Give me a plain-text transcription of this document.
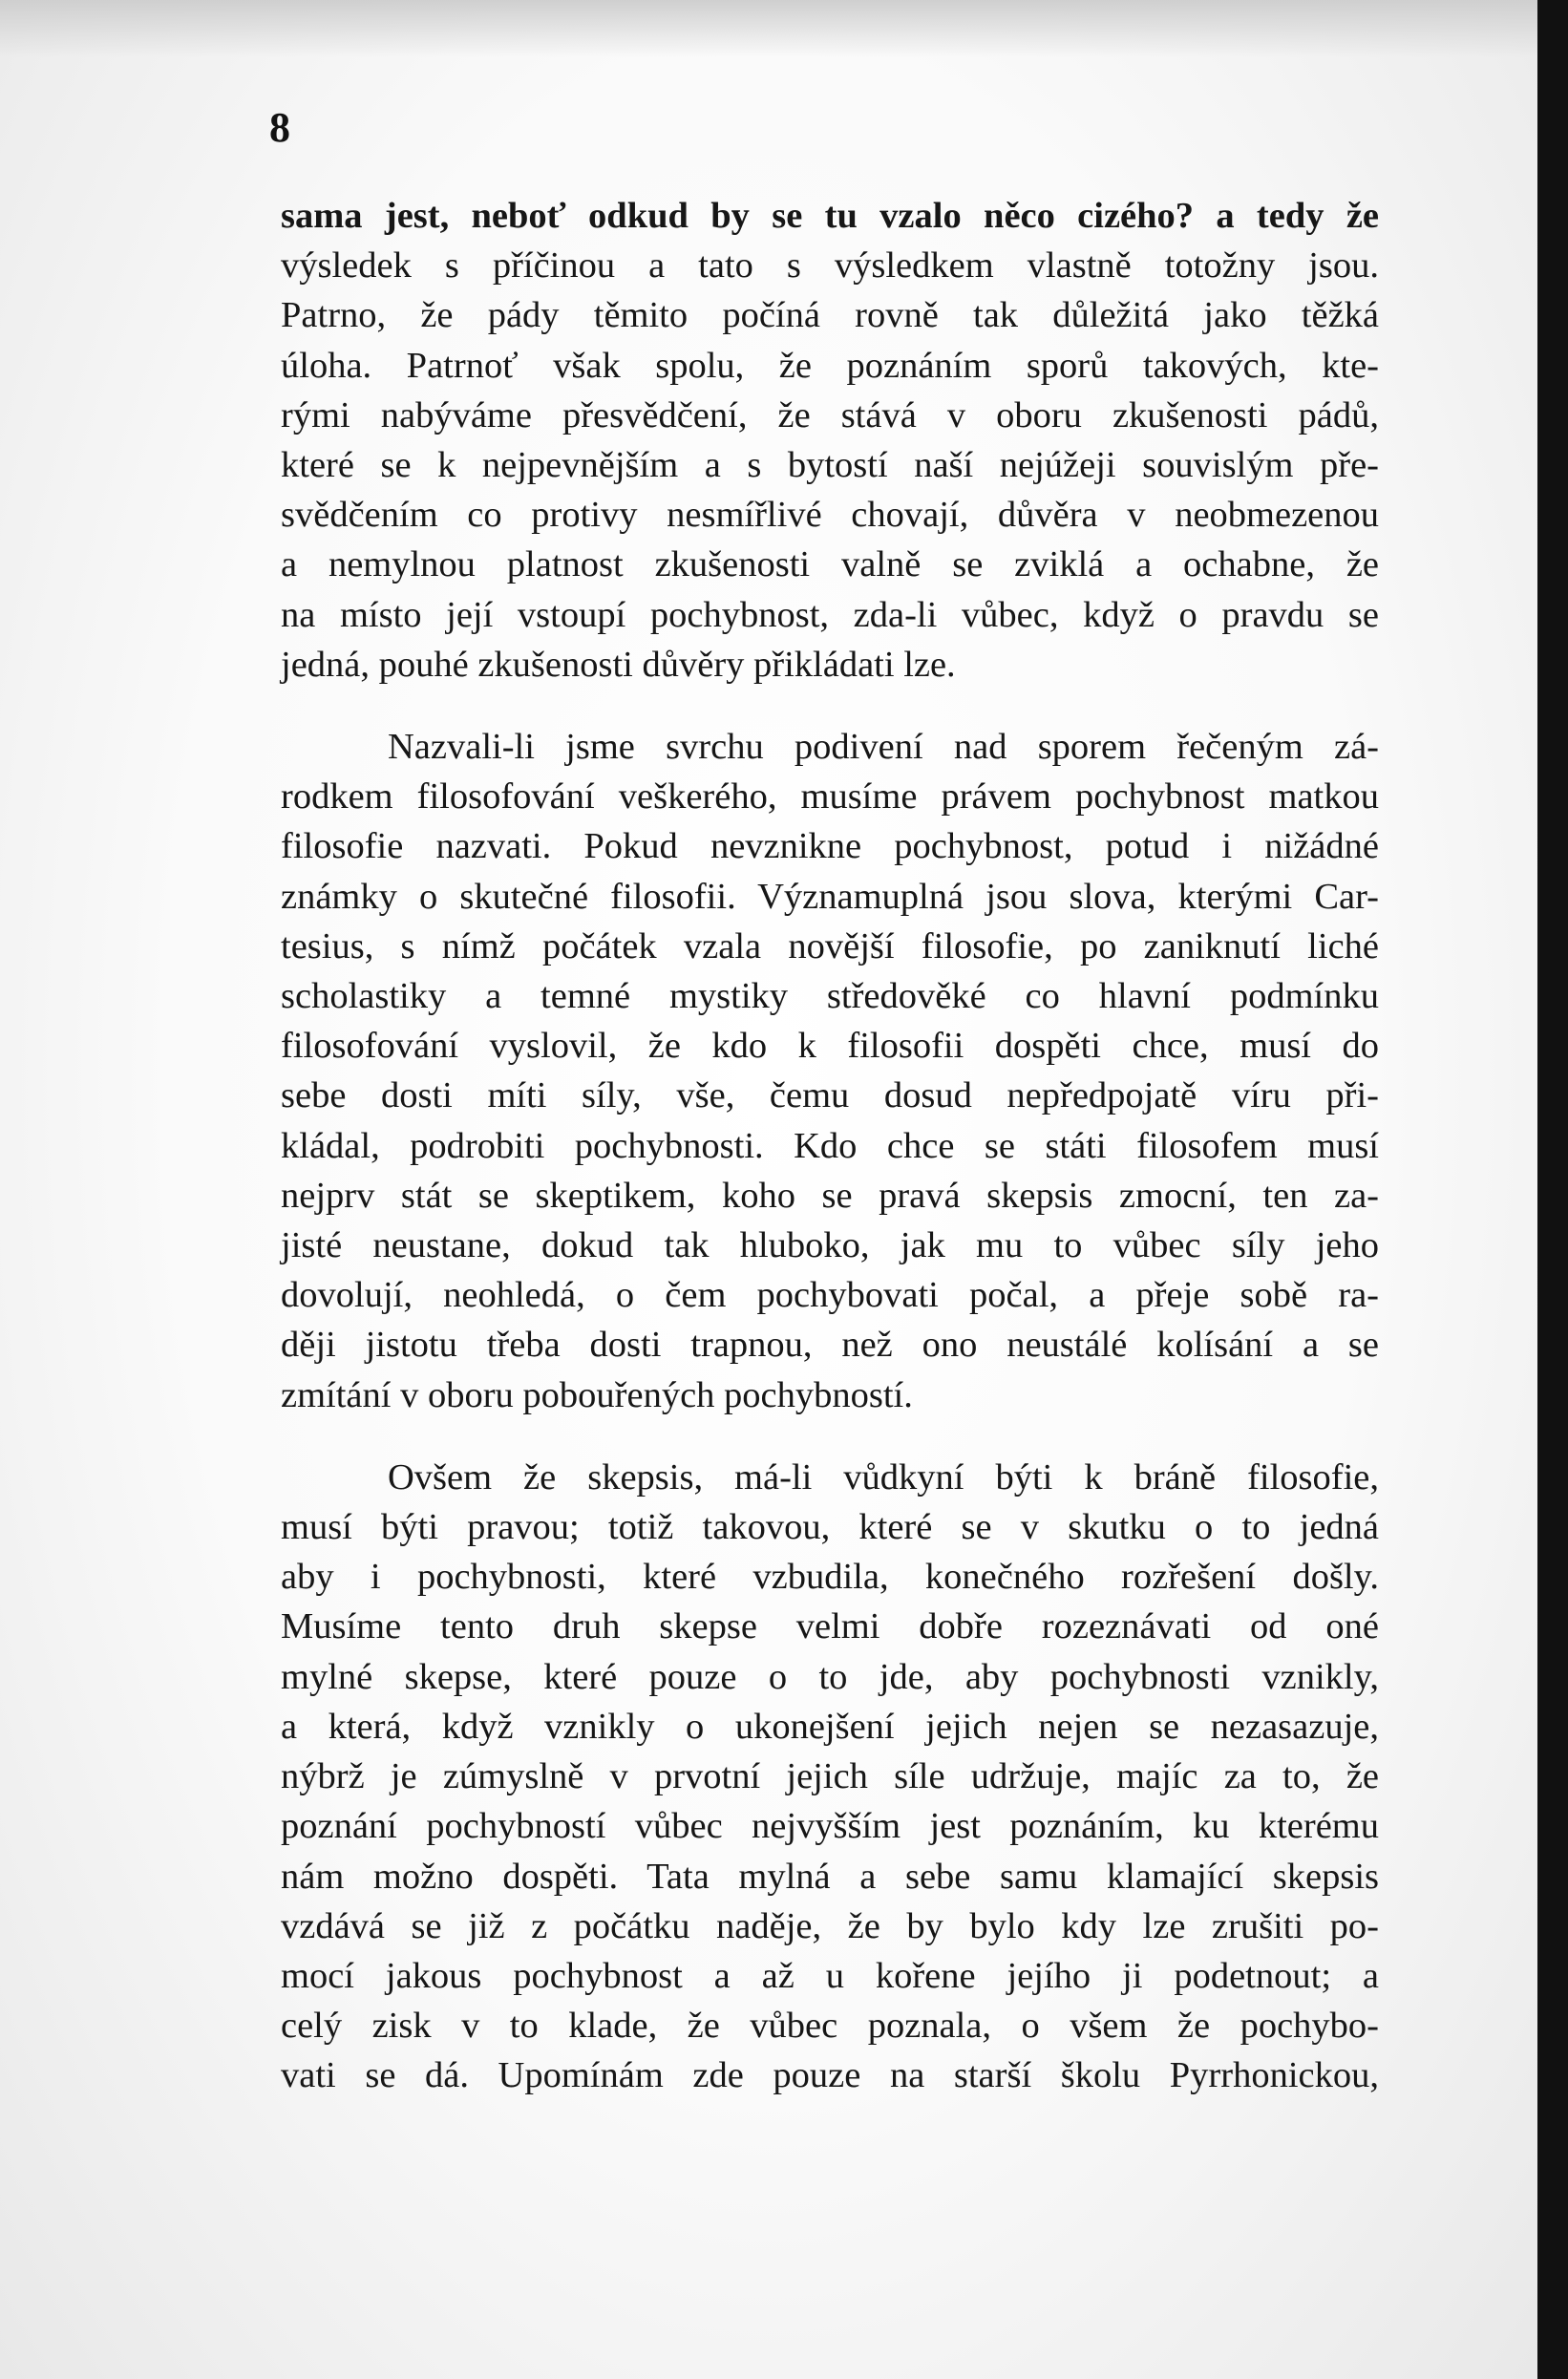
8

sama jest, neboť odkud by se tu vzalo něco cizého? a tedy že
výsledek s příčinou a tato s výsledkem vlastně totožny jsou.
Patrno, že pády těmito počíná rovně tak důležitá jako těžká
úloha. Patrnoť však spolu, že poznáním sporů takových, kte-
rými nabýváme přesvědčení, že stává v oboru zkušenosti pádů,
které se k nejpevnějším a s bytostí naší nejúžeji souvislým pře-
svědčením co protivy nesmířlivé chovají, důvěra v neobmezenou
a nemylnou platnost zkušenosti valně se zviklá a ochabne, že
na místo její vstoupí pochybnost, zda-li vůbec, když o pravdu se
jedná, pouhé zkušenosti důvěry přikládati lze.

Nazvali-li jsme svrchu podivení nad sporem řečeným zá-
rodkem filosofování veškerého, musíme právem pochybnost matkou
filosofie nazvati. Pokud nevznikne pochybnost, potud i nižádné
známky o skutečné filosofii. Významuplná jsou slova, kterými Car-
tesius, s nímž počátek vzala novější filosofie, po zaniknutí liché
scholastiky a temné mystiky středověké co hlavní podmínku
filosofování vyslovil, že kdo k filosofii dospěti chce, musí do
sebe dosti míti síly, vše, čemu dosud nepředpojatě víru při-
kládal, podrobiti pochybnosti. Kdo chce se státi filosofem musí
nejprv stát se skeptikem, koho se pravá skepsis zmocní, ten za-
jisté neustane, dokud tak hluboko, jak mu to vůbec síly jeho
dovolují, neohledá, o čem pochybovati počal, a přeje sobě ra-
ději jistotu třeba dosti trapnou, než ono neustálé kolísání a se
zmítání v oboru pobouřených pochybností.

Ovšem že skepsis, má-li vůdkyní býti k bráně filosofie,
musí býti pravou; totiž takovou, které se v skutku o to jedná
aby i pochybnosti, které vzbudila, konečného rozřešení došly.
Musíme tento druh skepse velmi dobře rozeznávati od oné
mylné skepse, které pouze o to jde, aby pochybnosti vznikly,
a která, když vznikly o ukonejšení jejich nejen se nezasazuje,
nýbrž je zúmyslně v prvotní jejich síle udržuje, majíc za to, že
poznání pochybností vůbec nejvyšším jest poznáním, ku kterému
nám možno dospěti. Tata mylná a sebe samu klamající skepsis
vzdává se již z počátku naděje, že by bylo kdy lze zrušiti po-
mocí jakous pochybnost a až u kořene jejího ji podetnout; a
celý zisk v to klade, že vůbec poznala, o všem že pochybo-
vati se dá. Upomínám zde pouze na starší školu Pyrrhonickou,
